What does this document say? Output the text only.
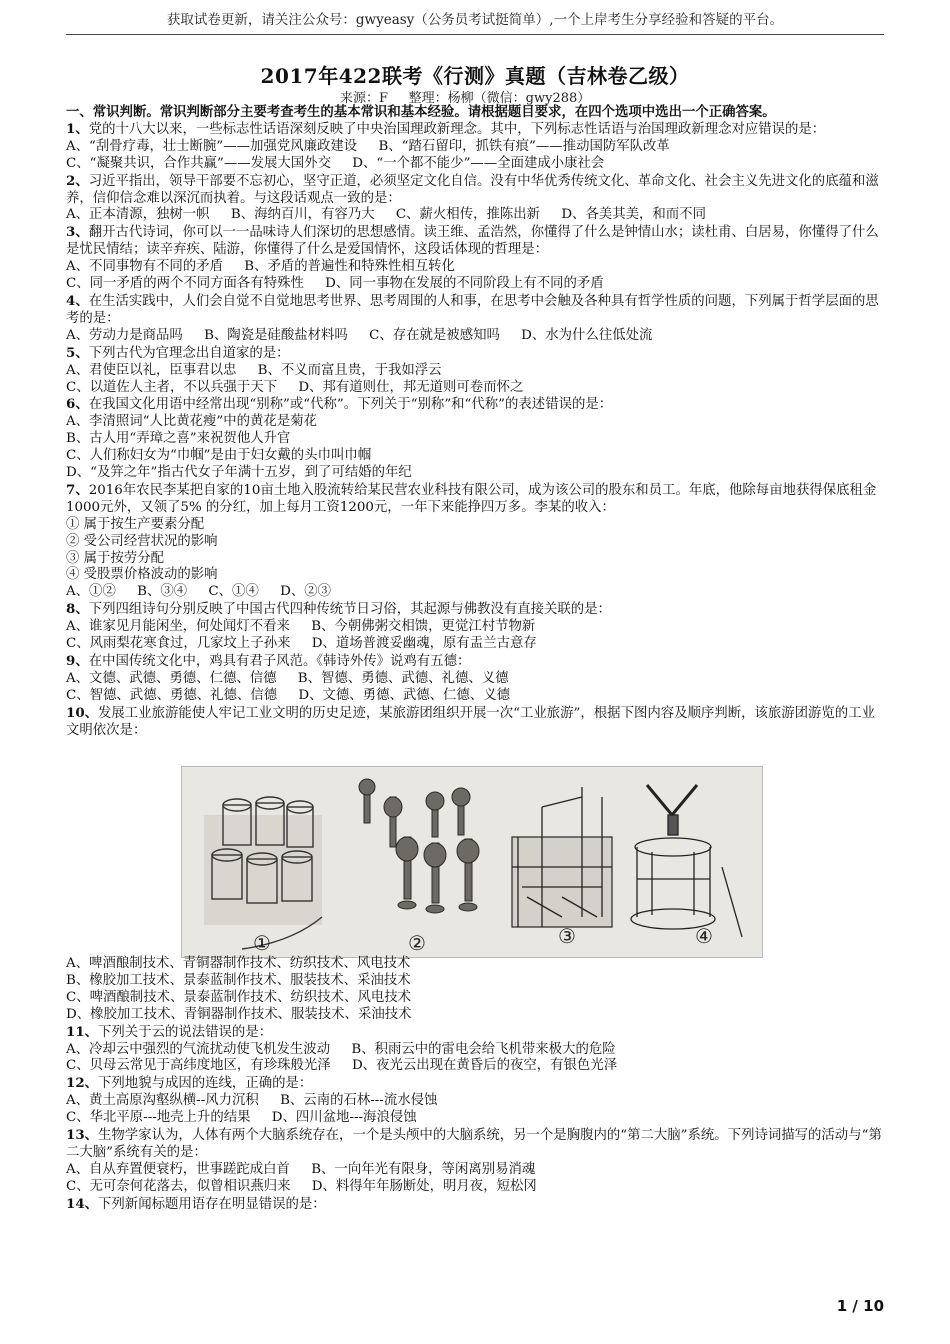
获取试卷更新，请关注公众号：gwyeasy（公务员考试挺简单）,一个上岸考生分享经验和答疑的平台。
2017年422联考《行测》真题（吉林卷乙级）
来源：F     整理：杨柳（微信：gwy288）

一、常识判断。常识判断部分主要考查考生的基本常识和基本经验。请根据题目要求，在四个选项中选出一个正确答案。

1、党的十八大以来，一些标志性话语深刻反映了中央治国理政新理念。其中，下列标志性话语与治国理政新理念对应错误的是：

A、“刮骨疗毒，壮士断腕”——加强党风廉政建设     B、“踏石留印，抓铁有痕”——推动国防军队改革

C、“凝聚共识，合作共赢”——发展大国外交     D、“一个都不能少”——全面建成小康社会

2、习近平指出，领导干部要不忘初心，坚守正道，必须坚定文化自信。没有中华优秀传统文化、革命文化、社会主义先进文化的底蕴和滋养，信仰信念难以深沉而执着。与这段话观点一致的是：

A、正本清源，独树一帜     B、海纳百川，有容乃大     C、薪火相传，推陈出新     D、各美其美，和而不同

3、翻开古代诗词，你可以一一品味诗人们深切的思想感情。读王维、孟浩然，你懂得了什么是钟情山水；读杜甫、白居易，你懂得了什么是忧民情结；读辛弃疾、陆游，你懂得了什么是爱国情怀，这段话体现的哲理是：

A、不同事物有不同的矛盾     B、矛盾的普遍性和特殊性相互转化

C、同一矛盾的两个不同方面各有特殊性     D、同一事物在发展的不同阶段上有不同的矛盾

4、在生活实践中，人们会自觉不自觉地思考世界、思考周围的人和事，在思考中会触及各种具有哲学性质的问题，下列属于哲学层面的思考的是：

A、劳动力是商品吗     B、陶瓷是硅酸盐材料吗     C、存在就是被感知吗     D、水为什么往低处流

5、下列古代为官理念出自道家的是：

A、君使臣以礼，臣事君以忠     B、不义而富且贵，于我如浮云

C、以道佐人主者，不以兵强于天下     D、邦有道则仕，邦无道则可卷而怀之

6、在我国文化用语中经常出现“别称”或“代称”。下列关于“别称”和“代称”的表述错误的是：

A、李清照词“人比黄花瘦”中的黄花是菊花

B、古人用“弄璋之喜”来祝贺他人升官

C、人们称妇女为“巾帼”是由于妇女戴的头巾叫巾帼

D、“及笄之年”指古代女子年满十五岁，到了可结婚的年纪

7、2016年农民李某把自家的10亩土地入股流转给某民营农业科技有限公司，成为该公司的股东和员工。年底，他除每亩地获得保底租金1000元外，又领了5% 的分红，加上每月工资1200元，一年下来能挣四万多。李某的收入：

① 属于按生产要素分配

② 受公司经营状况的影响

③ 属于按劳分配

④ 受股票价格波动的影响

A、①②     B、③④     C、①④     D、②③

8、下列四组诗句分别反映了中国古代四种传统节日习俗，其起源与佛教没有直接关联的是：

A、谁家见月能闲坐，何处闻灯不看来     B、今朝佛粥交相馈，更觉江村节物新

C、风雨梨花寒食过，几家坟上子孙来     D、道场普渡妥幽魂，原有盂兰古意存

9、在中国传统文化中，鸡具有君子风范。《韩诗外传》说鸡有五德：

A、文德、武德、勇德、仁德、信德     B、智德、勇德、武德、礼德、义德

C、智德、武德、勇德、礼德、信德     D、文德、勇德、武德、仁德、义德

10、发展工业旅游能使人牢记工业文明的历史足迹，某旅游团组织开展一次“工业旅游”，根据下图内容及顺序判断，该旅游团游览的工业文明依次是：

①	②	③	④

A、啤酒酿制技术、青铜器制作技术、纺织技术、风电技术

B、橡胶加工技术、景泰蓝制作技术、服装技术、采油技术

C、啤酒酿制技术、景泰蓝制作技术、纺织技术、风电技术

D、橡胶加工技术、青铜器制作技术、服装技术、采油技术

11、下列关于云的说法错误的是：

A、冷却云中强烈的气流扰动使飞机发生波动     B、积雨云中的雷电会给飞机带来极大的危险

C、贝母云常见于高纬度地区，有珍珠般光泽     D、夜光云出现在黄昏后的夜空，有银色光泽

12、下列地貌与成因的连线，正确的是：

A、黄土高原沟壑纵横--风力沉积     B、云南的石林---流水侵蚀

C、华北平原---地壳上升的结果     D、四川盆地---海浪侵蚀

13、生物学家认为，人体有两个大脑系统存在，一个是头颅中的大脑系统，另一个是胸腹内的“第二大脑”系统。下列诗词描写的活动与“第二大脑”系统有关的是：

A、自从弃置便衰朽，世事蹉跎成白首     B、一向年光有限身，等闲离别易消魂

C、无可奈何花落去，似曾相识燕归来     D、料得年年肠断处，明月夜，短松冈

14、下列新闻标题用语存在明显错误的是：

1 / 10
